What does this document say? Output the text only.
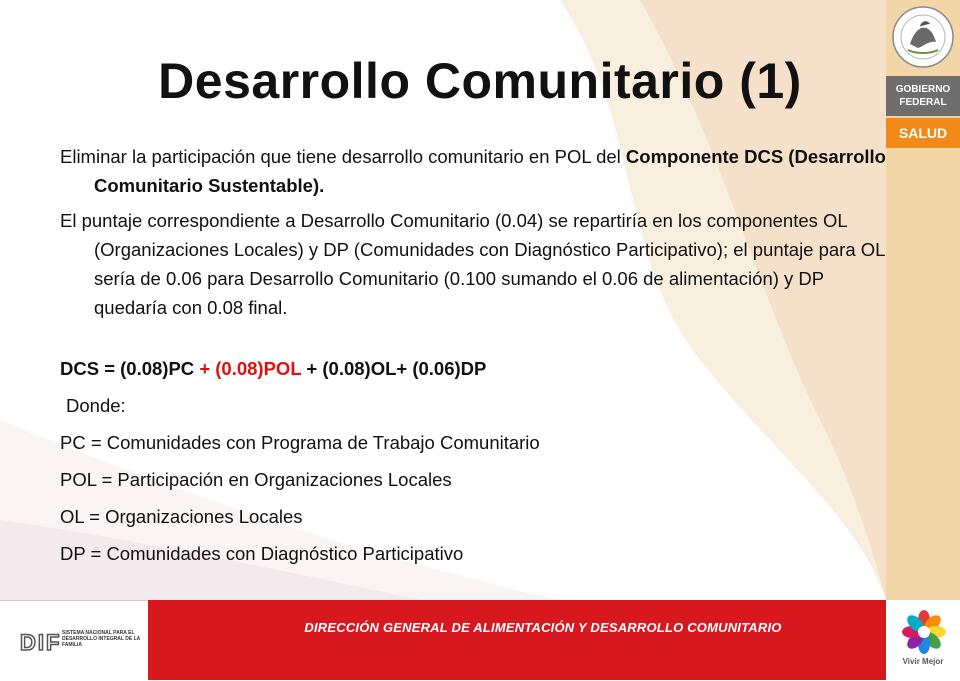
Desarrollo Comunitario (1)

Eliminar la participación que tiene desarrollo comunitario en POL del Componente DCS (Desarrollo Comunitario Sustentable).

El puntaje correspondiente a Desarrollo Comunitario (0.04) se repartiría en los componentes OL (Organizaciones Locales) y DP (Comunidades con Diagnóstico Participativo); el puntaje para OL sería de 0.06 para Desarrollo Comunitario (0.100 sumando el 0.06 de alimentación) y DP quedaría con 0.08 final.

DCS = (0.08)PC + (0.08)POL + (0.08)OL+ (0.06)DP

Donde:

PC = Comunidades con Programa de Trabajo Comunitario

POL = Participación en Organizaciones Locales

OL = Organizaciones Locales

DP = Comunidades con Diagnóstico Participativo

GOBIERNO
FEDERAL
SALUD
DIF SISTEMA NACIONAL PARA EL DESARROLLO INTEGRAL DE LA FAMILIA
DIRECCIÓN GENERAL DE ALIMENTACIÓN Y DESARROLLO COMUNITARIO
Vivir Mejor
